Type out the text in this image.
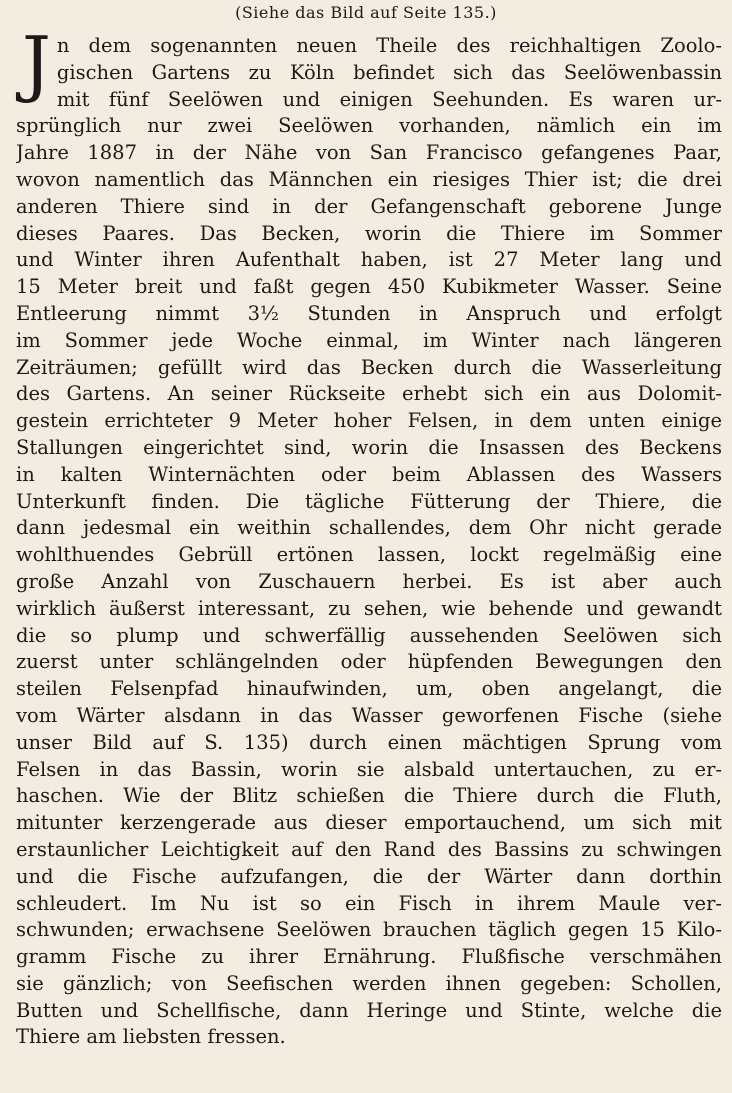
(Siehe das Bild auf Seite 135.)
J n dem sogenannten neuen Theile des reichhaltigen Zoolo-
gischen Gartens zu Köln befindet sich das Seelöwenbassin
mit fünf Seelöwen und einigen Seehunden. Es waren ur-
sprünglich nur zwei Seelöwen vorhanden, nämlich ein im
Jahre 1887 in der Nähe von San Francisco gefangenes Paar,
wovon namentlich das Männchen ein riesiges Thier ist; die drei
anderen Thiere sind in der Gefangenschaft geborene Junge
dieses Paares. Das Becken, worin die Thiere im Sommer
und Winter ihren Aufenthalt haben, ist 27 Meter lang und
15 Meter breit und faßt gegen 450 Kubikmeter Wasser. Seine
Entleerung nimmt 3½ Stunden in Anspruch und erfolgt
im Sommer jede Woche einmal, im Winter nach längeren
Zeiträumen; gefüllt wird das Becken durch die Wasserleitung
des Gartens. An seiner Rückseite erhebt sich ein aus Dolomit-
gestein errichteter 9 Meter hoher Felsen, in dem unten einige
Stallungen eingerichtet sind, worin die Insassen des Beckens
in kalten Winternächten oder beim Ablassen des Wassers
Unterkunft finden. Die tägliche Fütterung der Thiere, die
dann jedesmal ein weithin schallendes, dem Ohr nicht gerade
wohlthuendes Gebrüll ertönen lassen, lockt regelmäßig eine
große Anzahl von Zuschauern herbei. Es ist aber auch
wirklich äußerst interessant, zu sehen, wie behende und gewandt
die so plump und schwerfällig aussehenden Seelöwen sich
zuerst unter schlängelnden oder hüpfenden Bewegungen den
steilen Felsenpfad hinaufwinden, um, oben angelangt, die
vom Wärter alsdann in das Wasser geworfenen Fische (siehe
unser Bild auf S. 135) durch einen mächtigen Sprung vom
Felsen in das Bassin, worin sie alsbald untertauchen, zu er-
haschen. Wie der Blitz schießen die Thiere durch die Fluth,
mitunter kerzengerade aus dieser emportauchend, um sich mit
erstaunlicher Leichtigkeit auf den Rand des Bassins zu schwingen
und die Fische aufzufangen, die der Wärter dann dorthin
schleudert. Im Nu ist so ein Fisch in ihrem Maule ver-
schwunden; erwachsene Seelöwen brauchen täglich gegen 15 Kilo-
gramm Fische zu ihrer Ernährung. Flußfische verschmähen
sie gänzlich; von Seefischen werden ihnen gegeben: Schollen,
Butten und Schellfische, dann Heringe und Stinte, welche die
Thiere am liebsten fressen.
